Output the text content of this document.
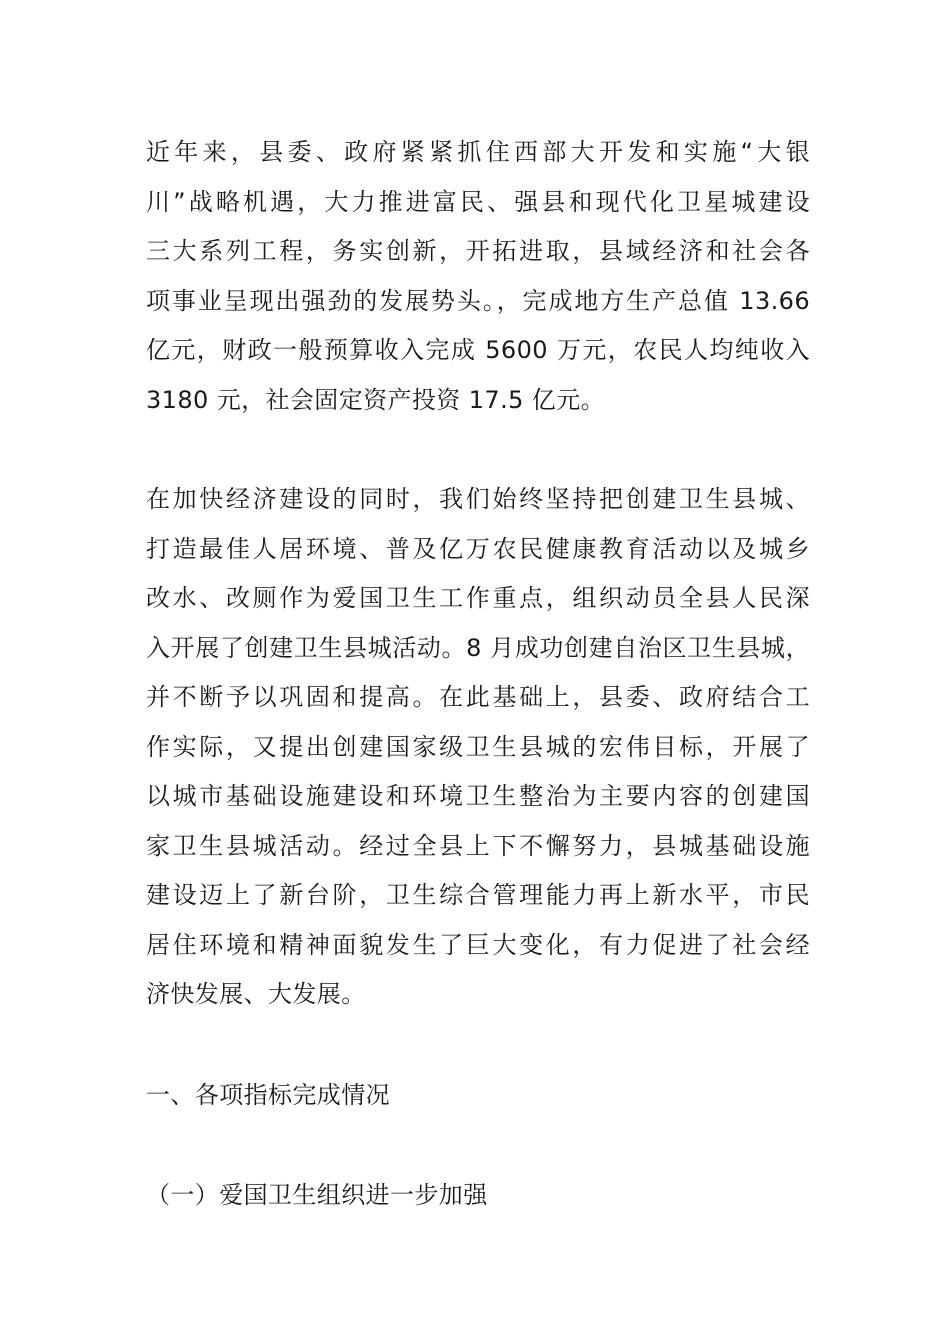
近年来，县委、政府紧紧抓住西部大开发和实施“大银
川”战略机遇，大力推进富民、强县和现代化卫星城建设
三大系列工程，务实创新，开拓进取，县域经济和社会各
项事业呈现出强劲的发展势头。，完成地方生产总值 13.66
亿元，财政一般预算收入完成 5600 万元，农民人均纯收入
3180 元，社会固定资产投资 17.5 亿元。
在加快经济建设的同时，我们始终坚持把创建卫生县城、
打造最佳人居环境、普及亿万农民健康教育活动以及城乡
改水、改厕作为爱国卫生工作重点，组织动员全县人民深
入开展了创建卫生县城活动。8 月成功创建自治区卫生县城，
并不断予以巩固和提高。在此基础上，县委、政府结合工
作实际，又提出创建国家级卫生县城的宏伟目标，开展了
以城市基础设施建设和环境卫生整治为主要内容的创建国
家卫生县城活动。经过全县上下不懈努力，县城基础设施
建设迈上了新台阶，卫生综合管理能力再上新水平，市民
居住环境和精神面貌发生了巨大变化，有力促进了社会经
济快发展、大发展。
一、各项指标完成情况
（一）爱国卫生组织进一步加强
